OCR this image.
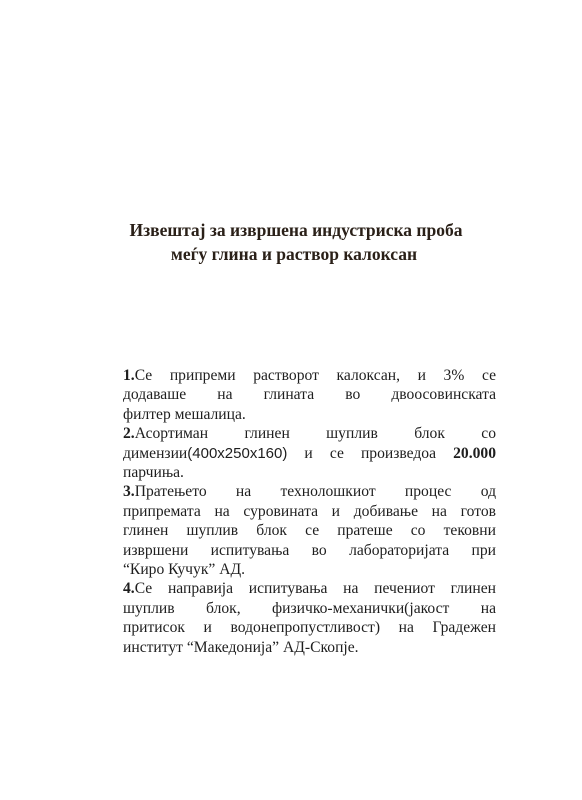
Извештај за извршена индустриска проба
меѓу глина и раствор калоксан
1.Се припреми растворот калоксан, и 3% се
додаваше на глината во двоосовинската
филтер мешалица.
2.Асортиман глинен шуплив блок со
димензии(400x250x160) и се произведоа 20.000
парчиња.
3.Пратењето на технолошкиот процес од
припремата на суровината и добивање на готов
глинен шуплив блок се пратеше со тековни
извршени испитувања во лабораторијата при
“Киро Кучук” АД.
4.Се направија испитувања на печениот глинен
шуплив блок, физичко-механички(јакост на
притисок и водонепропустливост) на Градежен
институт “Македонија” АД-Скопје.
